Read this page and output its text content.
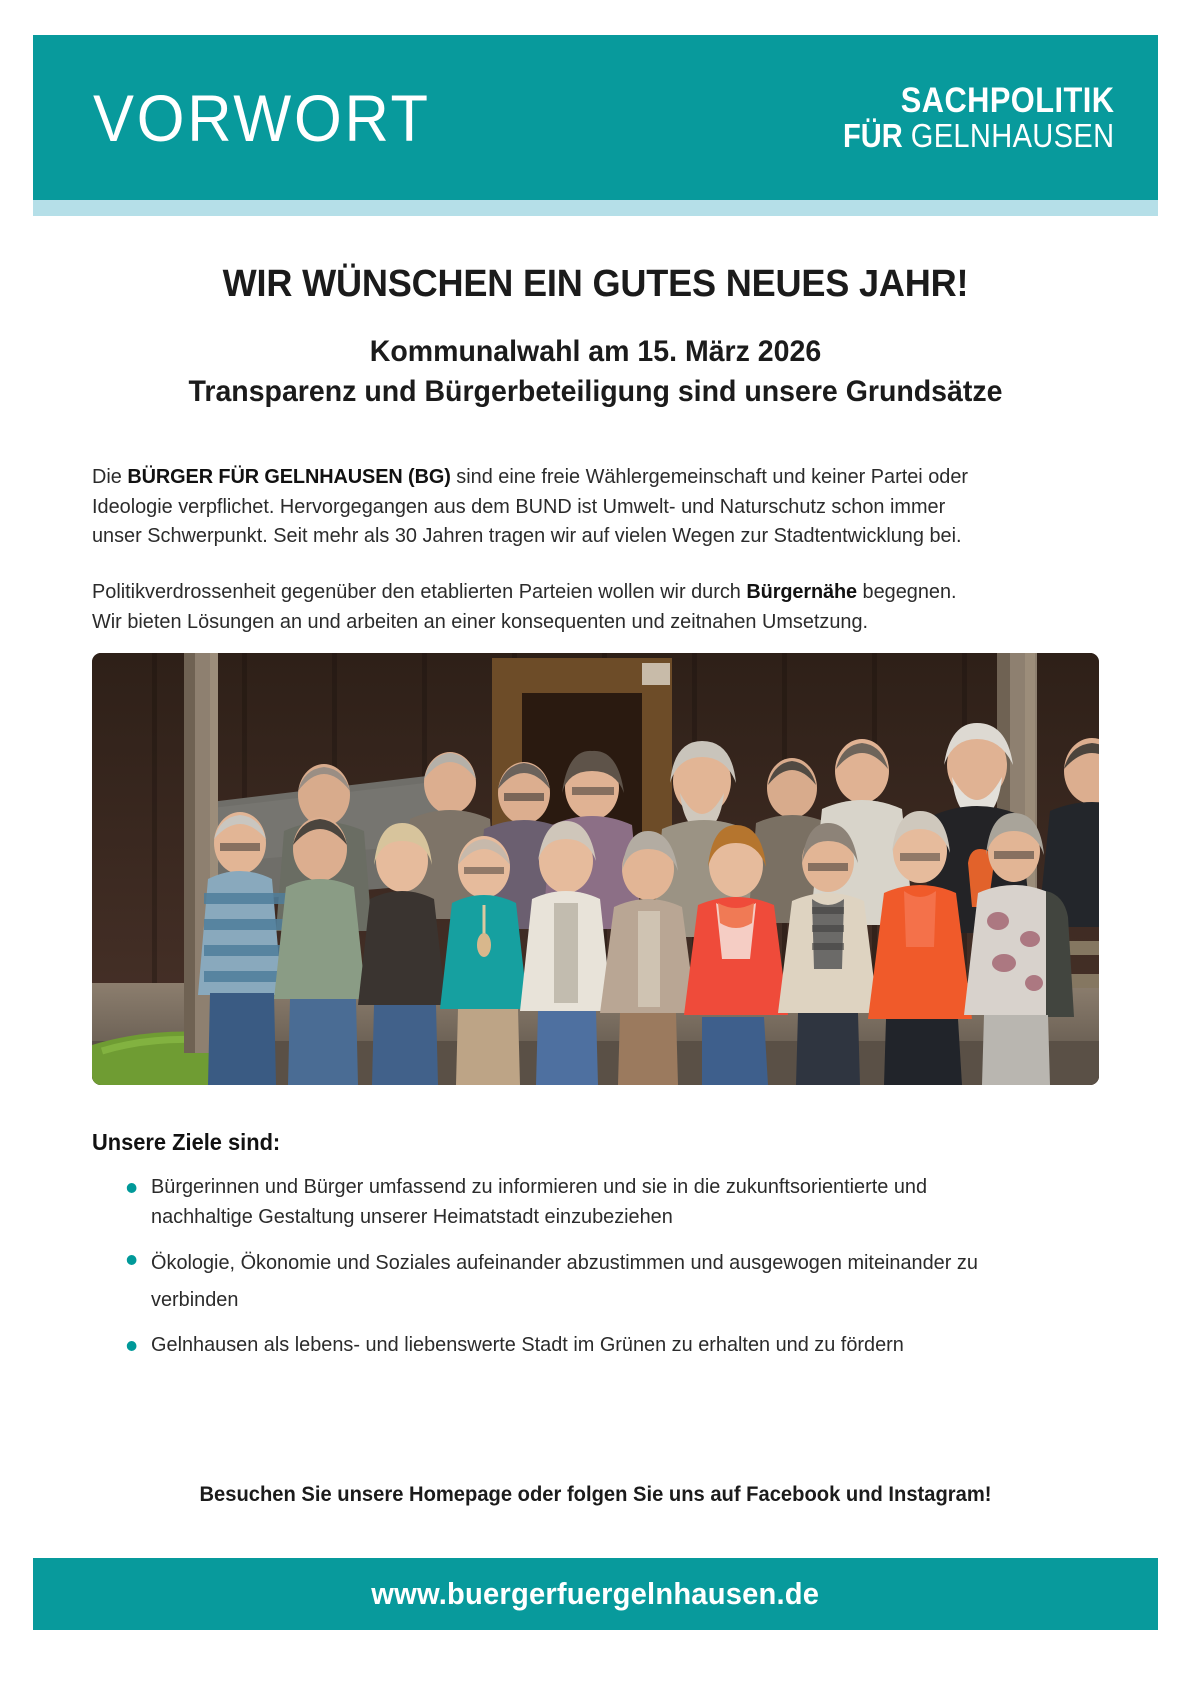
VORWORT	SACHPOLITIK
FÜR GELNHAUSEN
WIR WÜNSCHEN EIN GUTES NEUES JAHR!
Kommunalwahl am 15. März 2026
Transparenz und Bürgerbeteiligung sind unsere Grundsätze

Die BÜRGER FÜR GELNHAUSEN (BG) sind eine freie Wählergemeinschaft und keiner Partei oder Ideologie verpflichet. Hervorgegangen aus dem BUND ist Umwelt- und Naturschutz schon immer unser Schwerpunkt. Seit mehr als 30 Jahren tragen wir auf vielen Wegen zur Stadtentwicklung bei.

Politikverdrossenheit gegenüber den etablierten Parteien wollen wir durch Bürgernähe begegnen. Wir bieten Lösungen an und arbeiten an einer konsequenten und zeitnahen Umsetzung.

Unsere Ziele sind:
Bürgerinnen und Bürger umfassend zu informieren und sie in die zukunftsorientierte und nachhaltige Gestaltung unserer Heimatstadt einzubeziehen
Ökologie, Ökonomie und Soziales aufeinander abzustimmen und ausgewogen miteinander zu verbinden
Gelnhausen als lebens- und liebenswerte Stadt im Grünen zu erhalten und zu fördern
Besuchen Sie unsere Homepage oder folgen Sie uns auf Facebook und Instagram!
www.buergerfuergelnhausen.de
